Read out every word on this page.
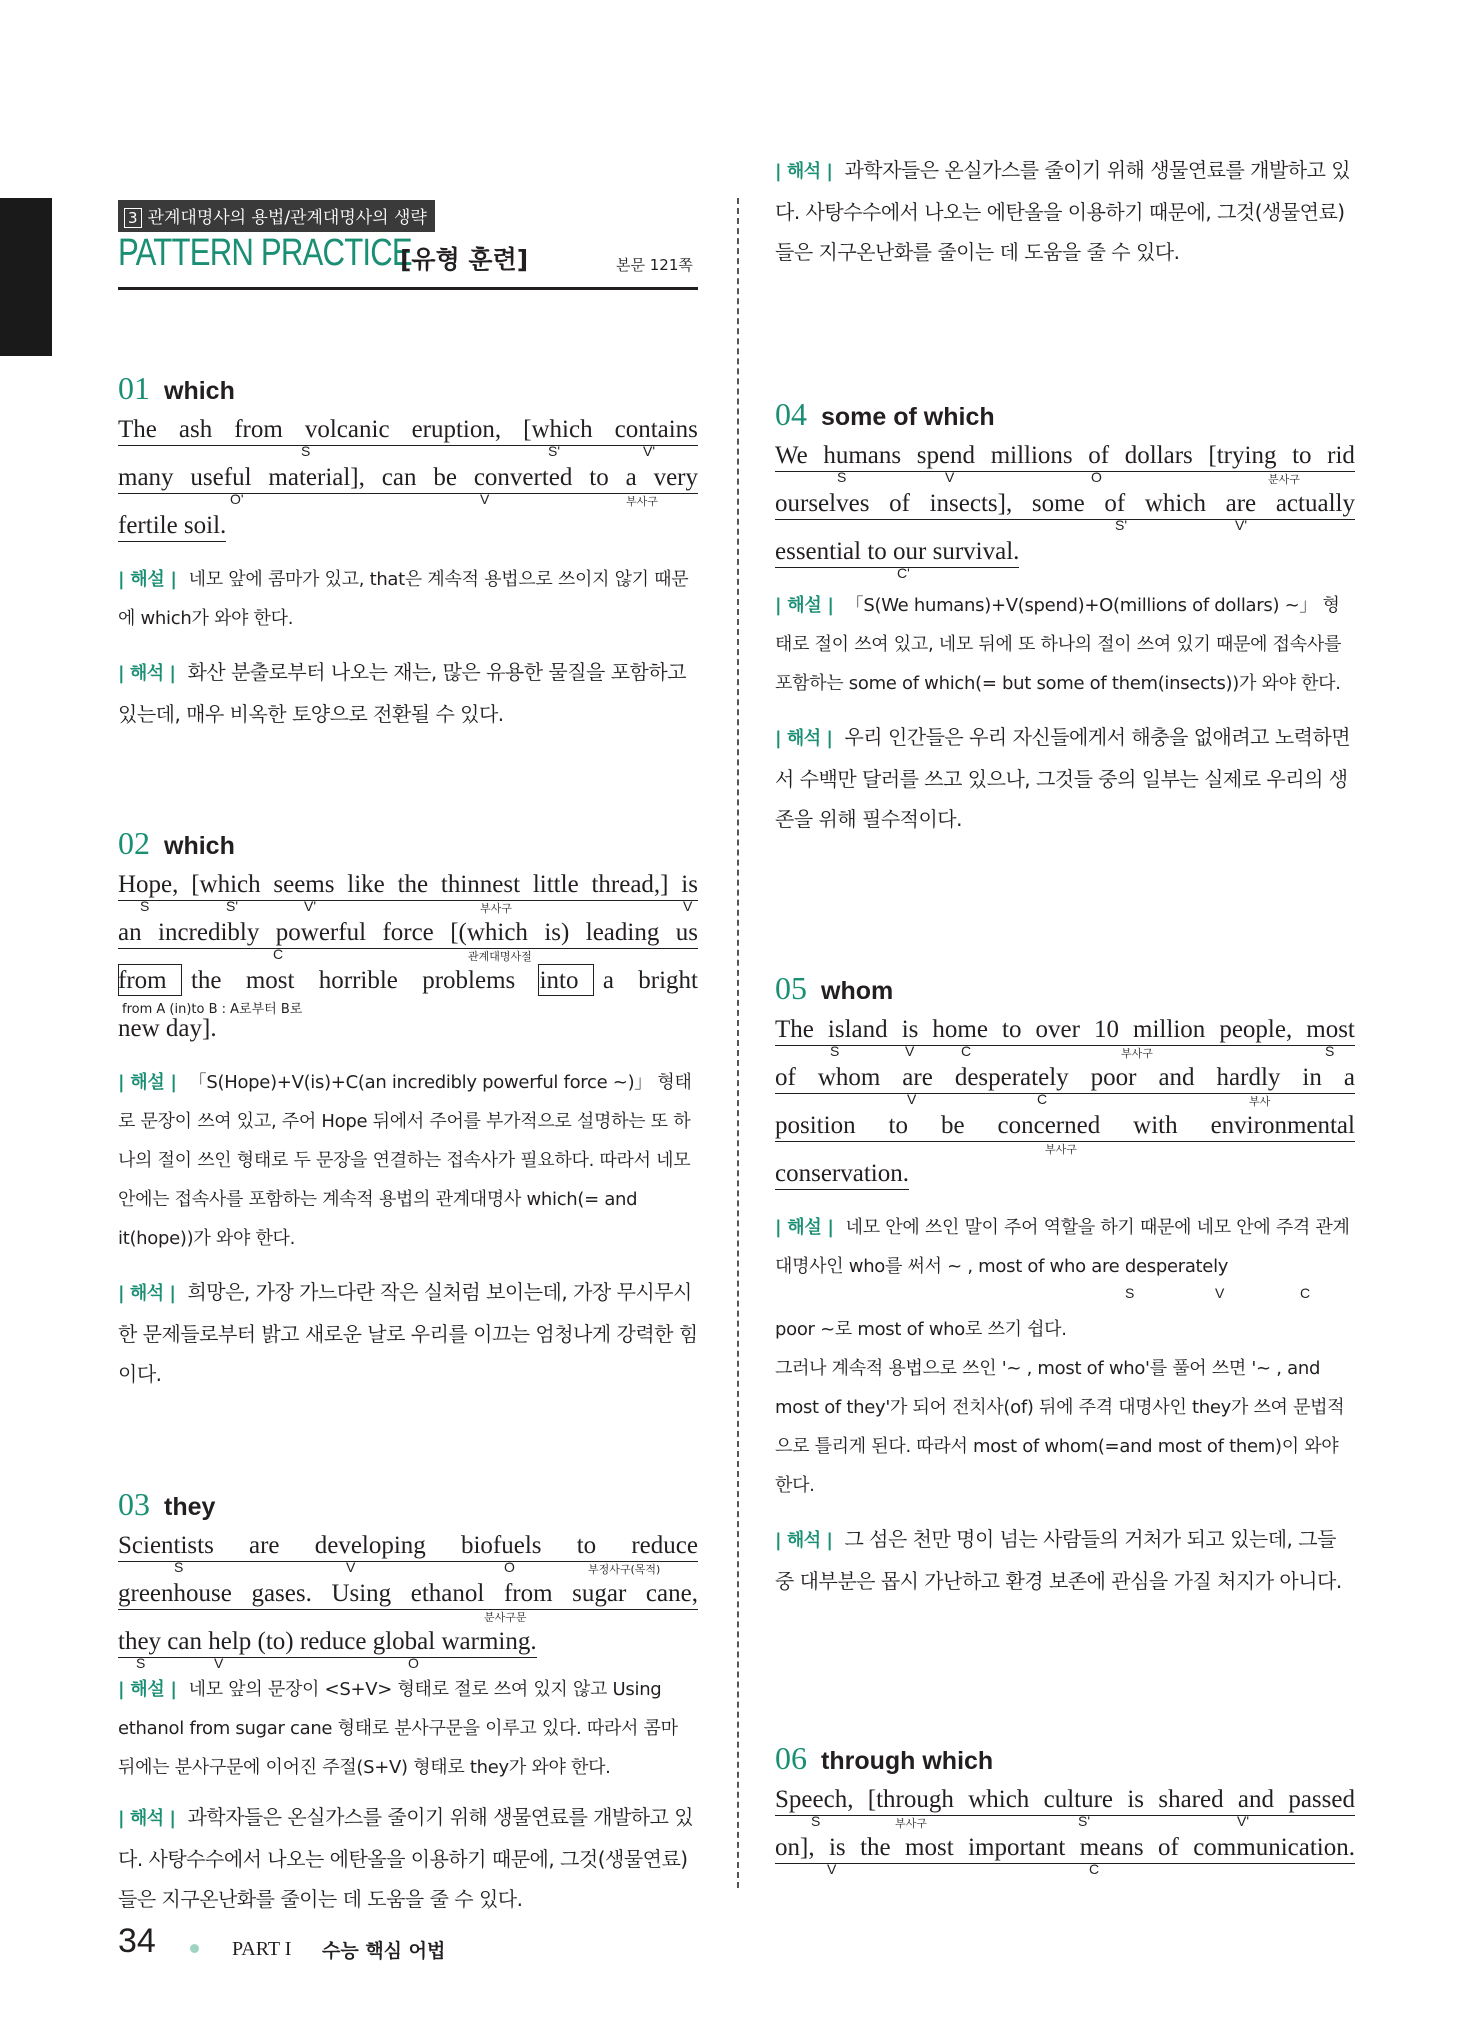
3 관계대명사의 용법/관계대명사의 생략
PATTERN PRACTICE
[유형 훈련]	본문 121쪽
01 which
The ash from volcanic eruption, [which contains
S	S'	V'
many useful material], can be converted to a very
O'	V	부사구
fertile soil.
| 해설 | 네모 앞에 콤마가 있고, that은 계속적 용법으로 쓰이지 않기 때문에 which가 와야 한다.
| 해석 | 화산 분출로부터 나오는 재는, 많은 유용한 물질을 포함하고 있는데, 매우 비옥한 토양으로 전환될 수 있다.
02 which
Hope, [which seems like the thinnest little thread,] is
S	S'	V'	부사구	V
an incredibly powerful force [(which is) leading us
C	관계대명사절
from the most horrible problems into a bright
from A (in)to B : A로부터 B로
new day].
| 해설 | 「S(Hope)+V(is)+C(an incredibly powerful force ~)」 형태로 문장이 쓰여 있고, 주어 Hope 뒤에서 주어를 부가적으로 설명하는 또 하나의 절이 쓰인 형태로 두 문장을 연결하는 접속사가 필요하다. 따라서 네모 안에는 접속사를 포함하는 계속적 용법의 관계대명사 which(= and it(hope))가 와야 한다.
| 해석 | 희망은, 가장 가느다란 작은 실처럼 보이는데, 가장 무시무시한 문제들로부터 밝고 새로운 날로 우리를 이끄는 엄청나게 강력한 힘이다.
03 they
Scientists are developing biofuels to reduce
S	V	O	부정사구(목적)
greenhouse gases. Using ethanol from sugar cane,
분사구문
they can help (to) reduce global warming.
S	V	O
| 해설 | 네모 앞의 문장이 <S+V> 형태로 절로 쓰여 있지 않고 Using ethanol from sugar cane 형태로 분사구문을 이루고 있다. 따라서 콤마 뒤에는 분사구문에 이어진 주절(S+V) 형태로 they가 와야 한다.
| 해석 | 과학자들은 온실가스를 줄이기 위해 생물연료를 개발하고 있다. 사탕수수에서 나오는 에탄올을 이용하기 때문에, 그것(생물연료)들은 지구온난화를 줄이는 데 도움을 줄 수 있다.
| 해석 | 과학자들은 온실가스를 줄이기 위해 생물연료를 개발하고 있다. 사탕수수에서 나오는 에탄올을 이용하기 때문에, 그것(생물연료)들은 지구온난화를 줄이는 데 도움을 줄 수 있다.
04 some of which
We humans spend millions of dollars [trying to rid
S	V	O	분사구
ourselves of insects], some of which are actually
S'	V'
essential to our survival.
C'
| 해설 | 「S(We humans)+V(spend)+O(millions of dollars) ~」 형태로 절이 쓰여 있고, 네모 뒤에 또 하나의 절이 쓰여 있기 때문에 접속사를 포함하는 some of which(= but some of them(insects))가 와야 한다.
| 해석 | 우리 인간들은 우리 자신들에게서 해충을 없애려고 노력하면서 수백만 달러를 쓰고 있으나, 그것들 중의 일부는 실제로 우리의 생존을 위해 필수적이다.
05 whom
The island is home to over 10 million people, most
S	V	C	부사구	S
of whom are desperately poor and hardly in a
V	C	부사
position to be concerned with environmental
부사구
conservation.
| 해설 | 네모 안에 쓰인 말이 주어 역할을 하기 때문에 네모 안에 주격 관계대명사인 who를 써서 ~ , most of who are desperately
S	V	C
poor ~로 most of who로 쓰기 쉽다.
그러나 계속적 용법으로 쓰인 '~ , most of who'를 풀어 쓰면 '~ , and most of they'가 되어 전치사(of) 뒤에 주격 대명사인 they가 쓰여 문법적으로 틀리게 된다. 따라서 most of whom(=and most of them)이 와야 한다.
| 해석 | 그 섬은 천만 명이 넘는 사람들의 거처가 되고 있는데, 그들 중 대부분은 몹시 가난하고 환경 보존에 관심을 가질 처지가 아니다.
06 through which
Speech, [through which culture is shared and passed
S	부사구	S'	V'
on], is the most important means of communication.
V	C
34	PART I 수능 핵심 어법
